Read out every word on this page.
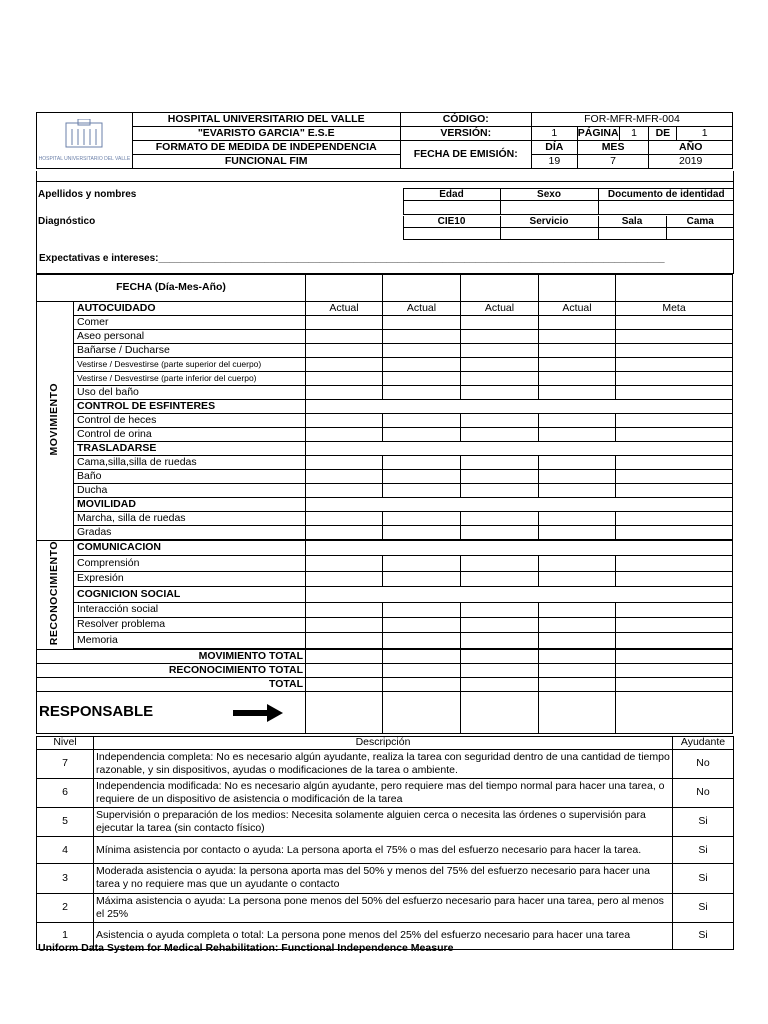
HOSPITAL UNIVERSITARIO DEL VALLE	HOSPITAL UNIVERSITARIO DEL VALLE	CÓDIGO:	FOR-MFR-MFR-004				
	"EVARISTO GARCIA" E.S.E	VERSIÓN:	1	PÁGINA	1	DE	1
	FORMATO DE MEDIDA DE INDEPENDENCIA	FECHA DE EMISIÓN:	DÍA	MES		AÑO	
	FUNCIONAL FIM		19	7		2019	
Apellidos y nombres	Edad	Sexo	Documento de identidad

Diagnóstico	CIE10	Servicio	Sala	Cama

Expectativas e intereses:___________________________________________________________________________________________
FECHA (Día-Mes-Año)						
MOVIMIENTO	AUTOCUIDADO	Actual	Actual	Actual	Actual	Meta
	Comer					
	Aseo personal					
	Bañarse / Ducharse					
	Vestirse / Desvestirse (parte superior del cuerpo)					
	Vestirse / Desvestirse (parte inferior del cuerpo)					
	Uso del baño					
	CONTROL DE ESFINTERES					
	Control de heces					
	Control de orina					
	TRASLADARSE					
	Cama,silla,silla de ruedas					
	Baño					
	Ducha					
	MOVILIDAD					
	Marcha, silla de ruedas					
	Gradas					

RECONOCIMIENTO	COMUNICACION					
	Comprensión					
	Expresión					
	COGNICION SOCIAL					
	Interacción social					
	Resolver problema					
	Memoria					

MOVIMIENTO TOTAL						
RECONOCIMIENTO TOTAL						
TOTAL						
RESPONSABLE	

Nivel	Descripción	Ayudante
7	Independencia completa: No es necesario algún ayudante, realiza la tarea con seguridad dentro de una cantidad de tiempo razonable, y sin dispositivos, ayudas o modificaciones de la tarea o ambiente.	No
6	Independencia modificada: No es necesario algún ayudante, pero requiere mas del tiempo normal para hacer una tarea, o requiere de un dispositivo de asistencia o modificación de la tarea	No
5	Supervisión o preparación de los medios: Necesita solamente alguien cerca o necesita las órdenes o supervisión para ejecutar la tarea (sin contacto físico)	Si
4	Mínima asistencia por contacto o ayuda: La persona aporta el 75% o mas del esfuerzo necesario para hacer la tarea.	Si
3	Moderada asistencia o ayuda: la persona aporta mas del 50% y menos del 75% del esfuerzo necesario para hacer una tarea y no requiere mas que un ayudante o contacto	Si
2	Máxima asistencia o ayuda: La persona pone menos del 50% del esfuerzo necesario para hacer una tarea, pero al menos el 25%	Si
1	Asistencia o ayuda completa o total: La persona pone menos del 25% del esfuerzo necesario para hacer una tarea	Si
Uniform Data System for Medical Rehabilitation: Functional Independence Measure
